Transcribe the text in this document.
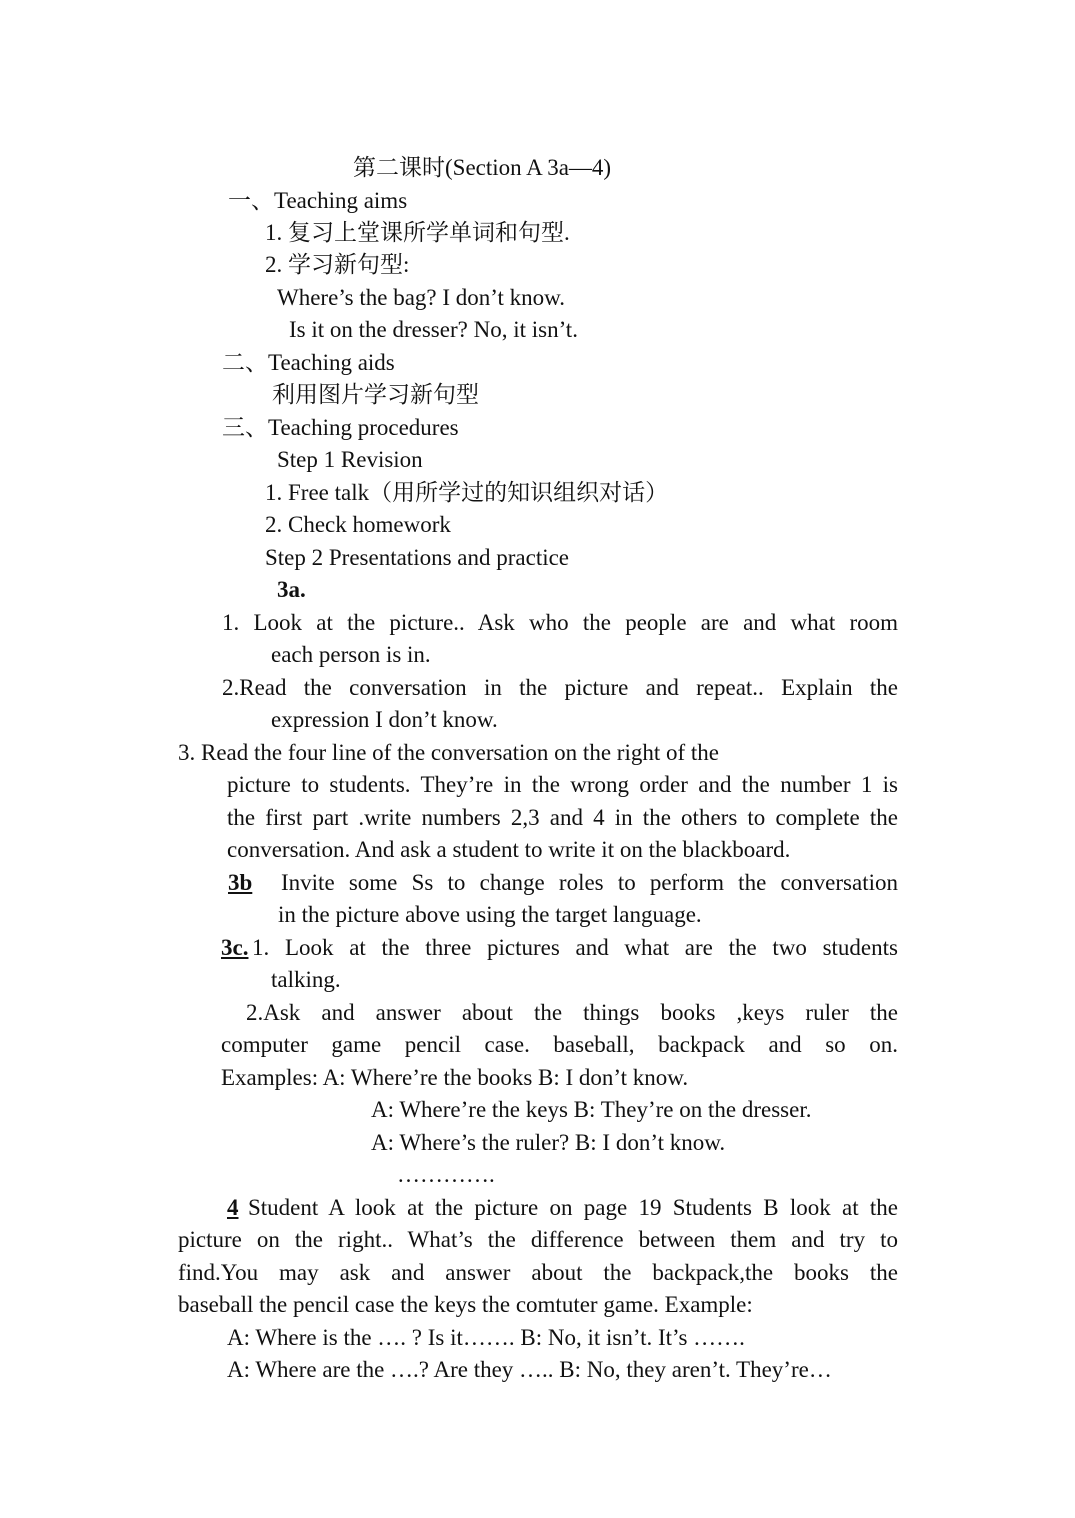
第二课时(Section A 3a—4)
一、Teaching aims
1. 复习上堂课所学单词和句型.
2. 学习新句型:
Where’s the bag? I don’t know.
Is it on the dresser? No, it isn’t.
二、Teaching aids
利用图片学习新句型
三、Teaching procedures
Step 1 Revision
1. Free talk（用所学过的知识组织对话）
2. Check homework
Step 2 Presentations and practice
3a.
1. Look at the picture.. Ask who the people are and what room
each person is in.
2.Read the conversation in the picture and repeat.. Explain the
expression I don’t know.
3. Read the four line of the conversation on the right of the
picture to students. They’re in the wrong order and the number 1 is
the first part .write numbers 2,3 and 4 in the others to complete the
conversation. And ask a student to write it on the blackboard.
3b Invite some Ss to change roles to perform the conversation
in the picture above using the target language.
3c. 1. Look at the three pictures and what are the two students
talking.
2.Ask and answer about the things books ,keys ruler the
computer game pencil case. baseball, backpack and so on.
Examples: A: Where’re the books B: I don’t know.
A: Where’re the keys B: They’re on the dresser.
A: Where’s the ruler? B: I don’t know.
………….
4 Student A look at the picture on page 19 Students B look at the
picture on the right.. What’s the difference between them and try to
find.You may ask and answer about the backpack,the books the
baseball the pencil case the keys the comtuter game. Example:
A: Where is the …. ? Is it……. B: No, it isn’t. It’s …….
A: Where are the ….? Are they ….. B: No, they aren’t. They’re…
